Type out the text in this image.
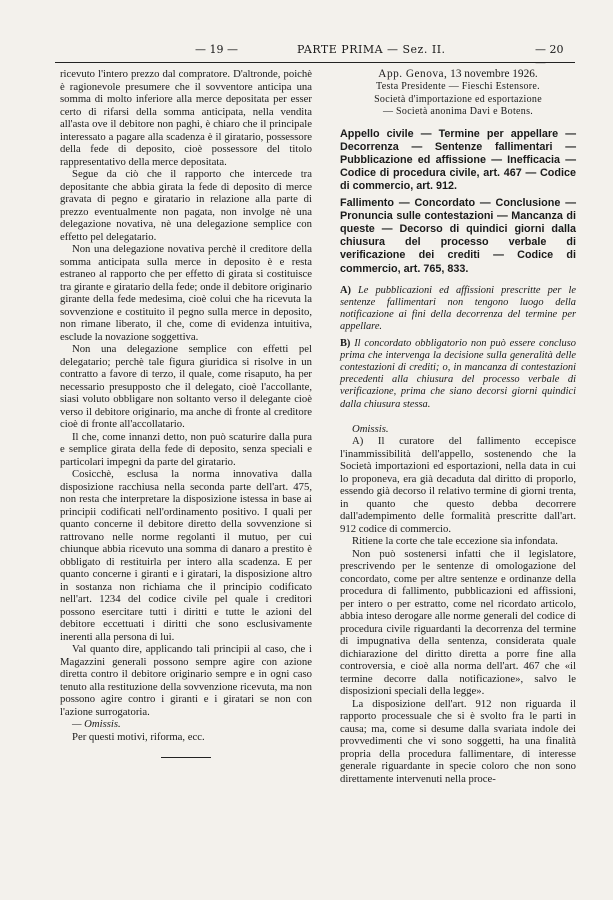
— 19 —	PARTE PRIMA — Sez. II.	— 20 —

ricevuto l'intero prezzo dal compratore. D'altronde, poichè è ragionevole presumere che il sovventore anticipa una somma di molto inferiore alla merce depositata per esser certo di rifarsi della somma anticipata, nella vendita all'asta ove il debitore non paghi, è chiaro che il principale interessato a pagare alla scadenza è il giratario, possessore della fede di deposito, cioè possessore del titolo rappresentativo della merce depositata.

Segue da ciò che il rapporto che intercede tra depositante che abbia girata la fede di deposito di merce gravata di pegno e giratario in relazione alla parte di prezzo eventualmente non pagata, non involge nè una delegazione novativa, nè una delegazione semplice con effetto pel delegatario.

Non una delegazione novativa perchè il creditore della somma anticipata sulla merce in deposito è e resta estraneo al rapporto che per effetto di girata si costituisce tra girante e giratario della fede; onde il debitore originario girante della fede medesima, cioè colui che ha ricevuta la sovvenzione e costituito il pegno sulla merce in deposito, non rimane liberato, il che, come di evidenza intuitiva, esclude la novazione soggettiva.

Non una delegazione semplice con effetti pel delegatario; perchè tale figura giuridica si risolve in un contratto a favore di terzo, il quale, come risaputo, ha per necessario presupposto che il delegato, cioè l'accollante, siasi voluto obbligare non soltanto verso il delegante cioè verso il debitore originario, ma anche di fronte al creditore cioè di fronte all'accollatario.

Il che, come innanzi detto, non può scaturire dalla pura e semplice girata della fede di deposito, senza speciali e particolari impegni da parte del giratario.

Cosicchè, esclusa la norma innovativa dalla disposizione racchiusa nella seconda parte dell'art. 475, non resta che interpretare la disposizione istessa in base ai principii codificati nell'ordinamento positivo. I quali per quanto concerne il debitore diretto della sovvenzione si rattrovano nelle norme regolanti il mutuo, per cui chiunque abbia ricevuto una somma di danaro a prestito è obbligato di restituirla per intero alla scadenza. E per quanto concerne i giranti e i giratari, la disposizione altro in sostanza non richiama che il principio codificato nell'art. 1234 del codice civile pel quale i creditori possono esercitare tutti i diritti e tutte le azioni del debitore eccettuati i diritti che sono esclusivamente inerenti alla persona di lui.

Val quanto dire, applicando tali principii al caso, che i Magazzini generali possono sempre agire con azione diretta contro il debitore originario sempre e in ogni caso tenuto alla restituzione della sovvenzione ricevuta, ma non possono agire contro i giranti e i giratari se non con l'azione surrogatoria.

— Omissis.

Per questi motivi, riforma, ecc.

App. Genova, 13 novembre 1926.

Testa Presidente — Fieschi Estensore.

Società d'importazione ed esportazione

— Società anonima Davi e Botens.

Appello civile — Termine per appellare — Decorrenza — Sentenze fallimentari — Pubblicazione ed affissione — Inefficacia — Codice di procedura civile, art. 467 — Codice di commercio, art. 912.
Fallimento — Concordato — Conclusione — Pronuncia sulle contestazioni — Mancanza di queste — Decorso di quindici giorni dalla chiusura del processo verbale di verificazione dei crediti — Codice di commercio, art. 765, 833.

A) Le pubblicazioni ed affissioni prescritte per le sentenze fallimentari non tengono luogo della notificazione ai fini della decorrenza del termine per appellare.

B) Il concordato obbligatorio non può essere concluso prima che intervenga la decisione sulla generalità delle contestazioni di crediti; o, in mancanza di contestazioni precedenti alla chiusura del processo verbale di verificazione, prima che siano decorsi giorni quindici dalla chiusura stessa.

Omissis.

A) Il curatore del fallimento eccepisce l'inammissibilità dell'appello, sostenendo che la Società importazioni ed esportazioni, nella data in cui lo proponeva, era già decaduta dal diritto di proporlo, essendo già decorso il relativo termine di giorni trenta, in quanto che questo debba decorrere dall'adempimento delle formalità prescritte dall'art. 912 codice di commercio.

Ritiene la corte che tale eccezione sia infondata.

Non può sostenersi infatti che il legislatore, prescrivendo per le sentenze di omologazione del concordato, come per altre sentenze e ordinanze della procedura di fallimento, pubblicazioni ed affissioni, per intero o per estratto, come nel ricordato articolo, abbia inteso derogare alle norme generali del codice di procedura civile riguardanti la decorrenza del termine di impugnativa della sentenza, considerata quale dichiarazione del diritto diretta a porre fine alla controversia, e cioè alla norma dell'art. 467 che «il termine decorre dalla notificazione», salvo le disposizioni speciali della legge».

La disposizione dell'art. 912 non riguarda il rapporto processuale che si è svolto fra le parti in causa; ma, come si desume dalla svariata indole dei provvedimenti che vi sono soggetti, ha una finalità propria della procedura fallimentare, di interesse generale riguardante in specie coloro che non sono direttamente intervenuti nella proce-
